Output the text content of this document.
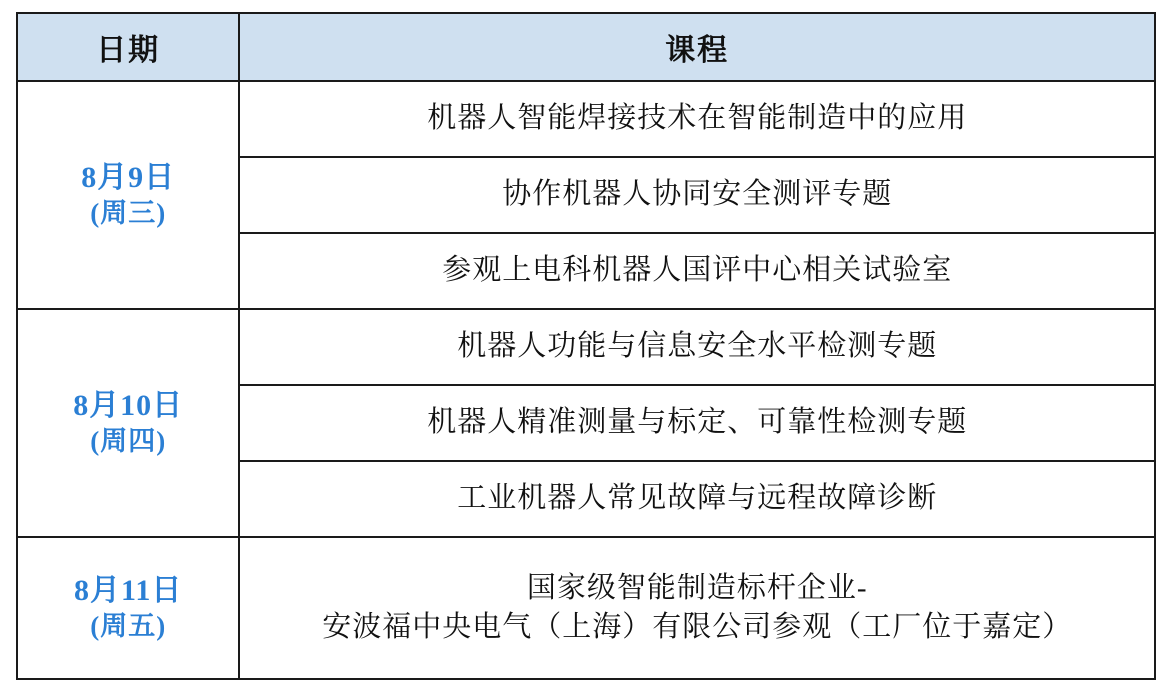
日期	课程

8月9日
(周三)	机器人智能焊接技术在智能制造中的应用

	协作机器人协同安全测评专题

	参观上电科机器人国评中心相关试验室

8月10日
(周四)	机器人功能与信息安全水平检测专题

	机器人精准测量与标定、可靠性检测专题

	工业机器人常见故障与远程故障诊断

8月11日
(周五)	国家级智能制造标杆企业-
安波福中央电气（上海）有限公司参观（工厂位于嘉定）
